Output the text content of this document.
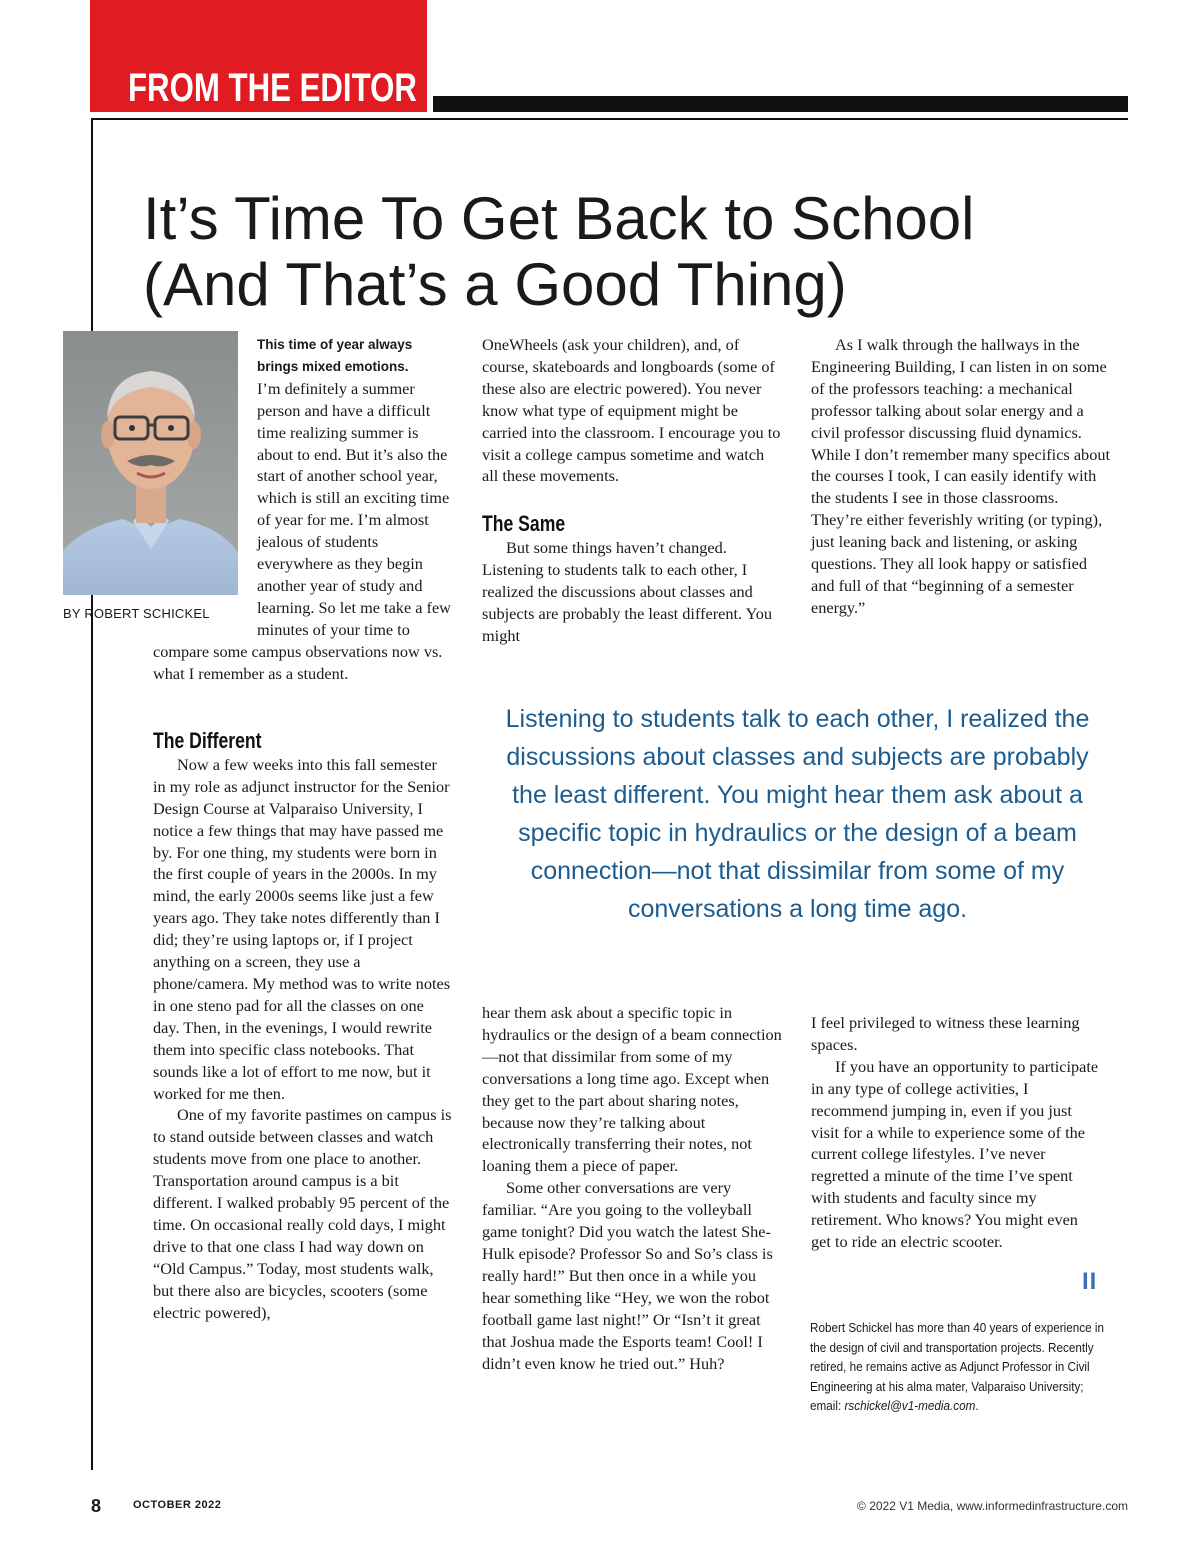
FROM THE EDITOR
It’s Time To Get Back to School
(And That’s a Good Thing)
BY ROBERT SCHICKEL

This time of year always brings mixed emotions.
I’m definitely a summer person and have a difficult time realizing summer is about to end. But it’s also the start of another school year, which is still an exciting time of year for me. I’m almost jealous of students everywhere as they begin another year of study and learning. So let me take a few minutes of your time to compare some campus observations now vs. what I remember as a student.

The Different

Now a few weeks into this fall semester in my role as adjunct instructor for the Senior Design Course at Valparaiso University, I notice a few things that may have passed me by. For one thing, my students were born in the first couple of years in the 2000s. In my mind, the early 2000s seems like just a few years ago. They take notes differently than I did; they’re using laptops or, if I project anything on a screen, they use a phone/camera. My method was to write notes in one steno pad for all the classes on one day. Then, in the evenings, I would rewrite them into specific class notebooks. That sounds like a lot of effort to me now, but it worked for me then.

One of my favorite pastimes on campus is to stand outside between classes and watch students move from one place to another. Transportation around campus is a bit different. I walked probably 95 percent of the time. On occasional really cold days, I might drive to that one class I had way down on “Old Campus.” Today, most students walk, but there also are bicycles, scooters (some electric powered),

OneWheels (ask your children), and, of course, skateboards and longboards (some of these also are electric powered). You never know what type of equipment might be carried into the classroom. I encourage you to visit a college campus sometime and watch all these movements.

The Same

But some things haven’t changed. Listening to students talk to each other, I realized the discussions about classes and subjects are probably the least different. You might

As I walk through the hallways in the Engineering Building, I can listen in on some of the professors teaching: a mechanical professor talking about solar energy and a civil professor discussing fluid dynamics. While I don’t remember many specifics about the courses I took, I can easily identify with the students I see in those classrooms. They’re either feverishly writing (or typing), just leaning back and listening, or asking questions. They all look happy or satisfied and full of that “beginning of a semester energy.”

Listening to students talk to each other, I realized the discussions about classes and subjects are probably the least different. You might hear them ask about a specific topic in hydraulics or the design of a beam connection—not that dissimilar from some of my conversations a long time ago.

hear them ask about a specific topic in hydraulics or the design of a beam connection—not that dissimilar from some of my conversations a long time ago. Except when they get to the part about sharing notes, because now they’re talking about electronically transferring their notes, not loaning them a piece of paper.

Some other conversations are very familiar. “Are you going to the volleyball game tonight? Did you watch the latest She-Hulk episode? Professor So and So’s class is really hard!” But then once in a while you hear something like “Hey, we won the robot football game last night!” Or “Isn’t it great that Joshua made the Esports team! Cool! I didn’t even know he tried out.” Huh?

I feel privileged to witness these learning spaces.

If you have an opportunity to participate in any type of college activities, I recommend jumping in, even if you just visit for a while to experience some of the current college lifestyles. I’ve never regretted a minute of the time I’ve spent with students and faculty since my retirement. Who knows? You might even get to ride an electric scooter.

II
Robert Schickel has more than 40 years of experience in the design of civil and transportation projects. Recently retired, he remains active as Adjunct Professor in Civil Engineering at his alma mater, Valparaiso University; email: rschickel@v1-media.com.
8	OCTOBER 2022	© 2022 V1 Media, www.informedinfrastructure.com
